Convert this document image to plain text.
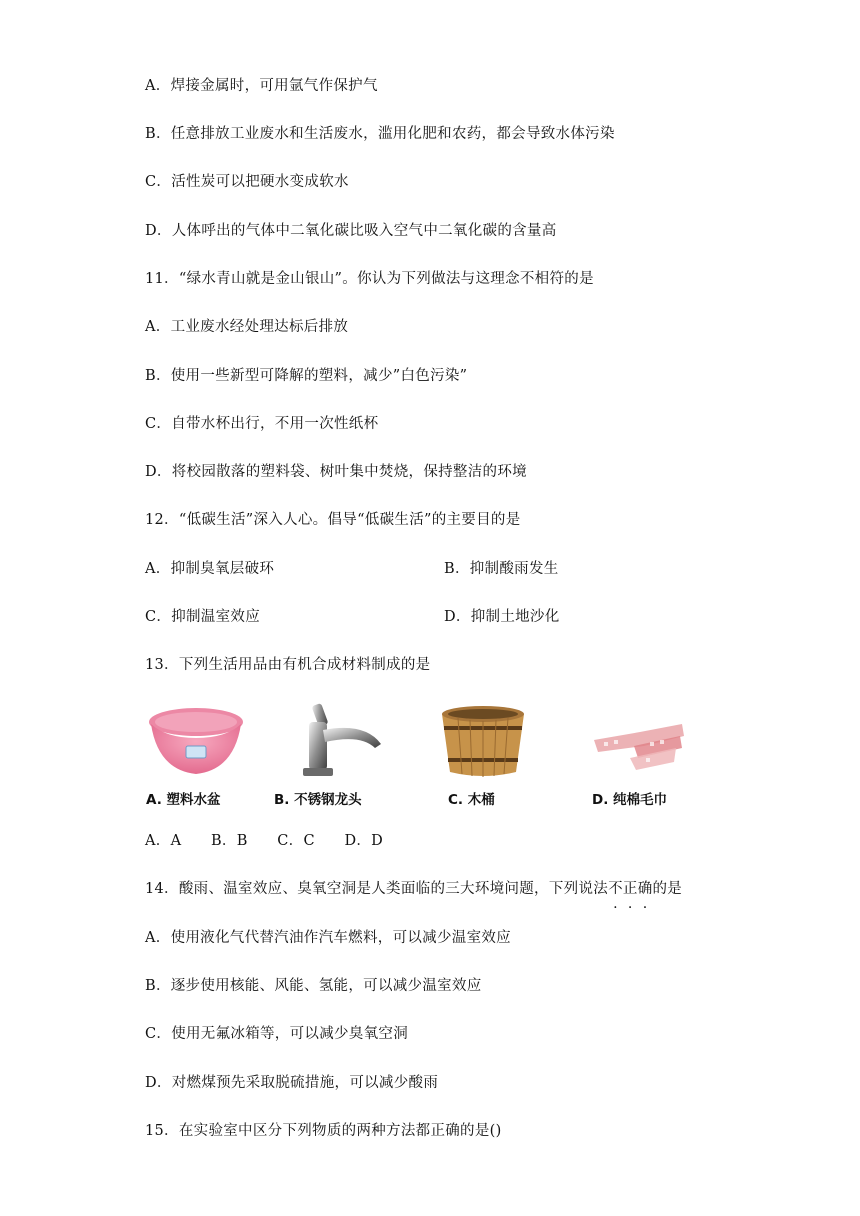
A．焊接金属时，可用氩气作保护气
B．任意排放工业废水和生活废水，滥用化肥和农药，都会导致水体污染
C．活性炭可以把硬水变成软水
D．人体呼出的气体中二氧化碳比吸入空气中二氧化碳的含量高
11．“绿水青山就是金山银山”。你认为下列做法与这理念不相符的是
A．工业废水经处理达标后排放
B．使用一些新型可降解的塑料，减少”白色污染”
C．自带水杯出行，不用一次性纸杯
D．将校园散落的塑料袋、树叶集中焚烧，保持整洁的环境
12．“低碳生活”深入人心。倡导“低碳生活”的主要目的是
A．抑制臭氧层破环	B．抑制酸雨发生
C．抑制温室效应	D．抑制土地沙化
13．下列生活用品由有机合成材料制成的是
A. 塑料水盆	B. 不锈钢龙头	C. 木桶	D. 纯棉毛巾
A．A　　B．B　　C．C　　D．D
14．酸雨、温室效应、臭氧空洞是人类面临的三大环境问题，下列说法不正确的是
A．使用液化气代替汽油作汽车燃料，可以减少温室效应
B．逐步使用核能、风能、氢能，可以减少温室效应
C．使用无氟冰箱等，可以减少臭氧空洞
D．对燃煤预先采取脱硫措施，可以减少酸雨
15．在实验室中区分下列物质的两种方法都正确的是()
